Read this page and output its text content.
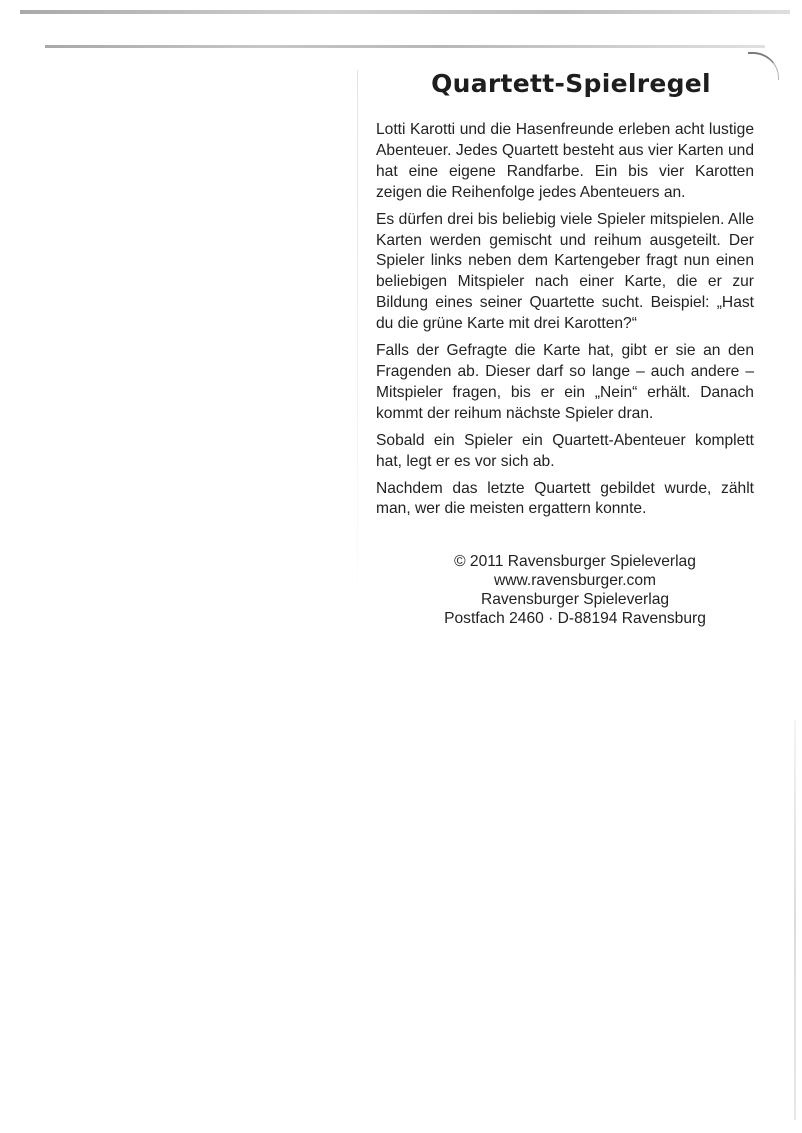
Quartett-Spielregel

Lotti Karotti und die Hasenfreunde erleben acht lustige Abenteuer. Jedes Quartett besteht aus vier Karten und hat eine eigene Randfarbe. Ein bis vier Karotten zeigen die Reihenfolge jedes Abenteuers an.

Es dürfen drei bis beliebig viele Spieler mitspielen. Alle Karten werden gemischt und reihum ausgeteilt. Der Spieler links neben dem Kartengeber fragt nun einen beliebigen Mitspieler nach einer Karte, die er zur Bildung eines seiner Quartette sucht. Beispiel: „Hast du die grüne Karte mit drei Karotten?“

Falls der Gefragte die Karte hat, gibt er sie an den Fragenden ab. Dieser darf so lange – auch andere – Mitspieler fragen, bis er ein „Nein“ erhält. Danach kommt der reihum nächste Spieler dran.

Sobald ein Spieler ein Quartett-Abenteuer komplett hat, legt er es vor sich ab.

Nachdem das letzte Quartett gebildet wurde, zählt man, wer die meisten ergattern konnte.

© 2011 Ravensburger Spieleverlag
www.ravensburger.com
Ravensburger Spieleverlag
Postfach 2460 · D-88194 Ravensburg
